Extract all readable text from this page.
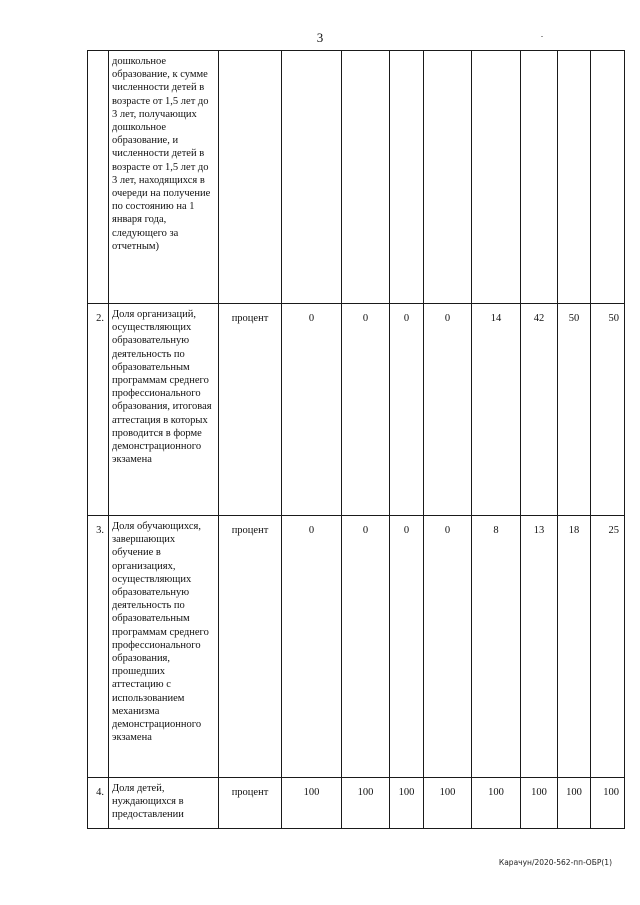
3
	дошкольное образование, к сумме численности детей в возрасте от 1,5 лет до 3 лет, получающих дошкольное образование, и численности детей в возрасте от 1,5 лет до 3 лет, находящихся в очереди на получение по состоянию на 1 января года, следующего за отчетным)									
2.	Доля организаций, осуществляющих образовательную деятельность по образовательным программам среднего профессионального образования, итоговая аттестация в которых проводится в форме демонстрационного экзамена	процент	0	0	0	0	14	42	50	50
3.	Доля обучающихся, завершающих обучение в организациях, осуществляющих образовательную деятельность по образовательным программам среднего профессионального образования, прошедших аттестацию с использованием механизма демонстрационного экзамена	процент	0	0	0	0	8	13	18	25
4.	Доля детей, нуждающихся в предоставлении	процент	100	100	100	100	100	100	100	100
Карачун/2020-562-пп-ОБР(1)
